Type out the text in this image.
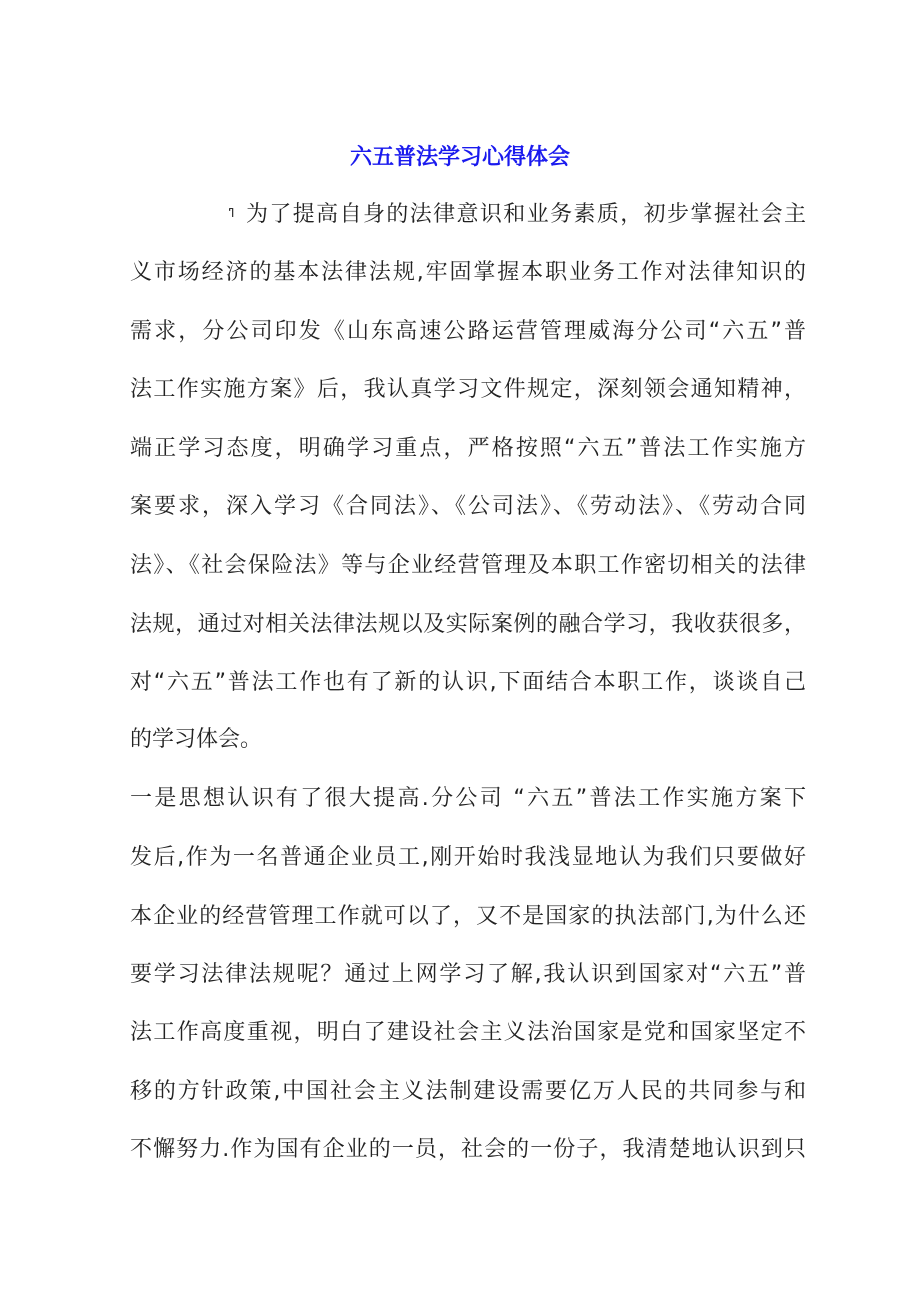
六五普法学习心得体会
ߣ 为了提高自身的法律意识和业务素质，初步掌握社会主
义市场经济的基本法律法规,牢固掌握本职业务工作对法律知识的
需求，分公司印发《山东高速公路运营管理威海分公司“六五”普
法工作实施方案》后，我认真学习文件规定，深刻领会通知精神，
端正学习态度，明确学习重点，严格按照“六五”普法工作实施方
案要求，深入学习《合同法》、《公司法》、《劳动法》、《劳动合同
法》、《社会保险法》等与企业经营管理及本职工作密切相关的法律
法规，通过对相关法律法规以及实际案例的融合学习，我收获很多，
对“六五”普法工作也有了新的认识,下面结合本职工作，谈谈自己
的学习体会。
一是思想认识有了很大提高.分公司 “六五”普法工作实施方案下
发后,作为一名普通企业员工,刚开始时我浅显地认为我们只要做好
本企业的经营管理工作就可以了，又不是国家的执法部门,为什么还
要学习法律法规呢？通过上网学习了解,我认识到国家对“六五”普
法工作高度重视，明白了建设社会主义法治国家是党和国家坚定不
移的方针政策,中国社会主义法制建设需要亿万人民的共同参与和
不懈努力.作为国有企业的一员，社会的一份子，我清楚地认识到只
